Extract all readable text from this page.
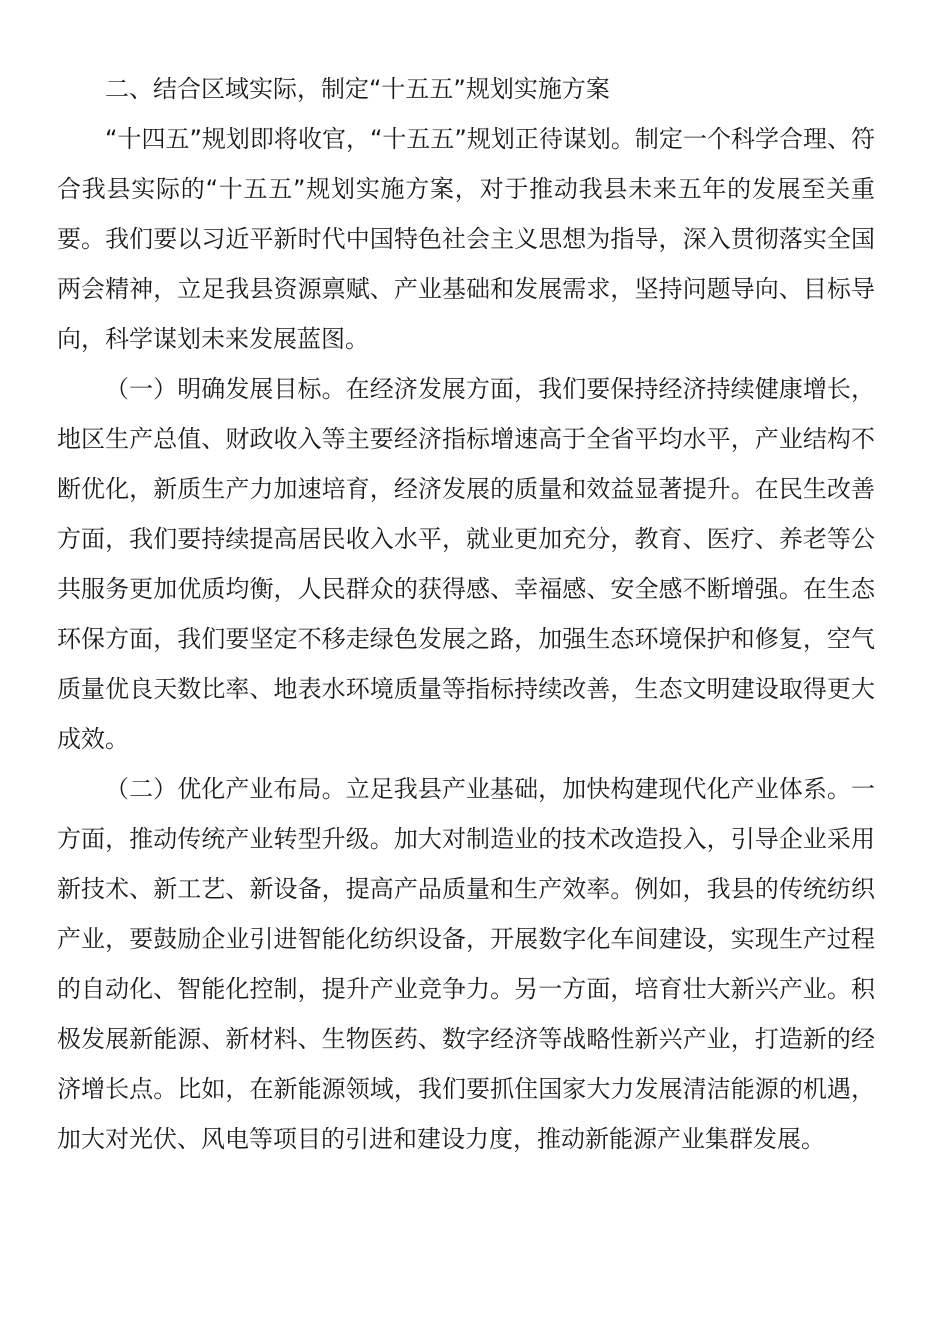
二、结合区域实际，制定“十五五”规划实施方案

“十四五”规划即将收官，“十五五”规划正待谋划。制定一个科学合理、符合我县实际的“十五五”规划实施方案，对于推动我县未来五年的发展至关重要。我们要以习近平新时代中国特色社会主义思想为指导，深入贯彻落实全国两会精神，立足我县资源禀赋、产业基础和发展需求，坚持问题导向、目标导向，科学谋划未来发展蓝图。

（一）明确发展目标。在经济发展方面，我们要保持经济持续健康增长，地区生产总值、财政收入等主要经济指标增速高于全省平均水平，产业结构不断优化，新质生产力加速培育，经济发展的质量和效益显著提升。在民生改善方面，我们要持续提高居民收入水平，就业更加充分，教育、医疗、养老等公共服务更加优质均衡，人民群众的获得感、幸福感、安全感不断增强。在生态环保方面，我们要坚定不移走绿色发展之路，加强生态环境保护和修复，空气质量优良天数比率、地表水环境质量等指标持续改善，生态文明建设取得更大成效。

（二）优化产业布局。立足我县产业基础，加快构建现代化产业体系。一方面，推动传统产业转型升级。加大对制造业的技术改造投入，引导企业采用新技术、新工艺、新设备，提高产品质量和生产效率。例如，我县的传统纺织产业，要鼓励企业引进智能化纺织设备，开展数字化车间建设，实现生产过程的自动化、智能化控制，提升产业竞争力。另一方面，培育壮大新兴产业。积极发展新能源、新材料、生物医药、数字经济等战略性新兴产业，打造新的经济增长点。比如，在新能源领域，我们要抓住国家大力发展清洁能源的机遇，加大对光伏、风电等项目的引进和建设力度，推动新能源产业集群发展。
